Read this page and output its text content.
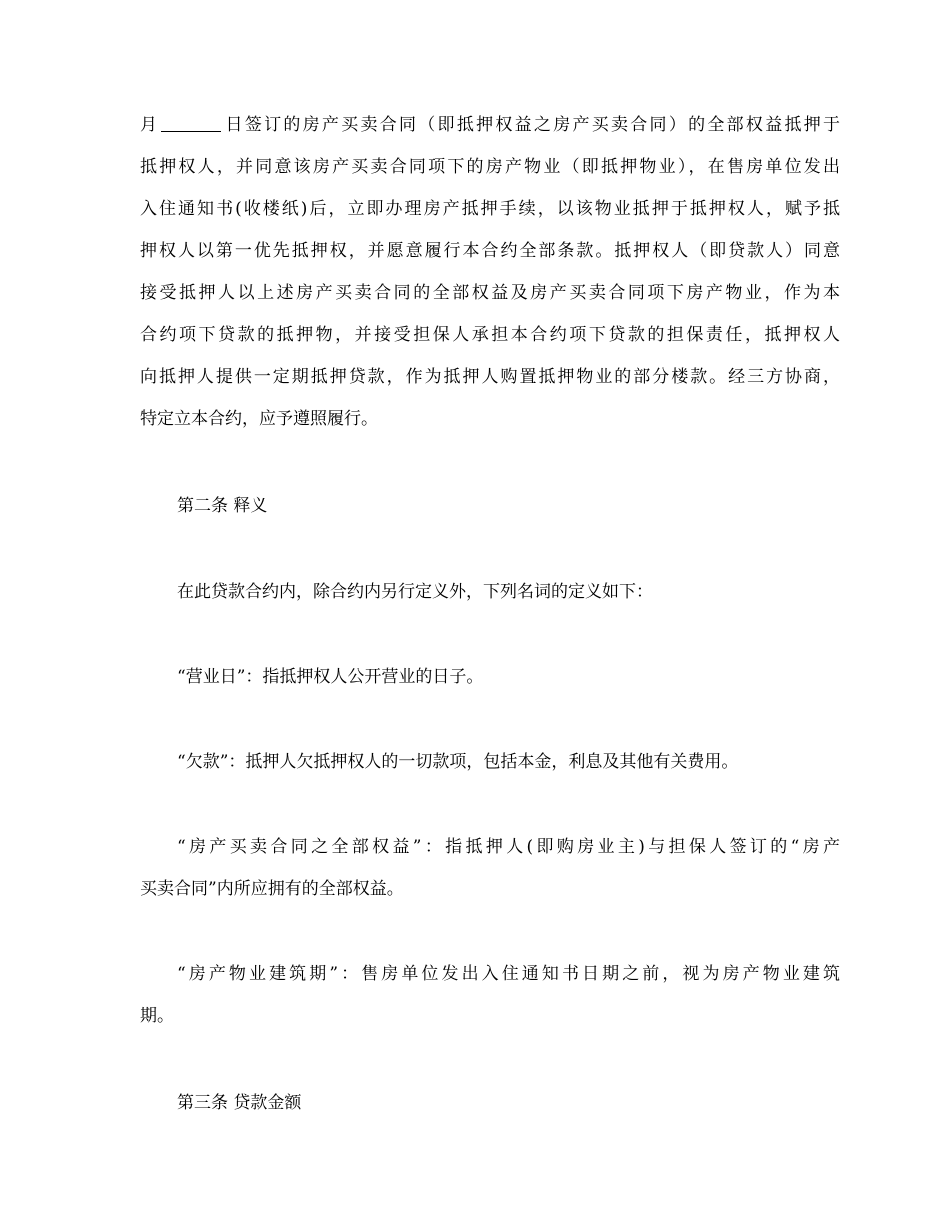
月	日签订的房产买卖合同（即抵押权益之房产买卖合同）的全部权益抵押于
抵押权人，并同意该房产买卖合同项下的房产物业（即抵押物业），在售房单位发出
入住通知书(收楼纸)后，立即办理房产抵押手续，以该物业抵押于抵押权人，赋予抵
押权人以第一优先抵押权，并愿意履行本合约全部条款。抵押权人（即贷款人）同意
接受抵押人以上述房产买卖合同的全部权益及房产买卖合同项下房产物业，作为本
合约项下贷款的抵押物，并接受担保人承担本合约项下贷款的担保责任，抵押权人
向抵押人提供一定期抵押贷款，作为抵押人购置抵押物业的部分楼款。经三方协商，
特定立本合约，应予遵照履行。
第二条 释义
在此贷款合约内，除合约内另行定义外，下列名词的定义如下：
“营业日”：指抵押权人公开营业的日子。
“欠款”：抵押人欠抵押权人的一切款项，包括本金，利息及其他有关费用。
“房产买卖合同之全部权益”：指抵押人(即购房业主)与担保人签订的“房产
买卖合同”内所应拥有的全部权益。
“房产物业建筑期”：售房单位发出入住通知书日期之前，视为房产物业建筑
期。
第三条 贷款金额
